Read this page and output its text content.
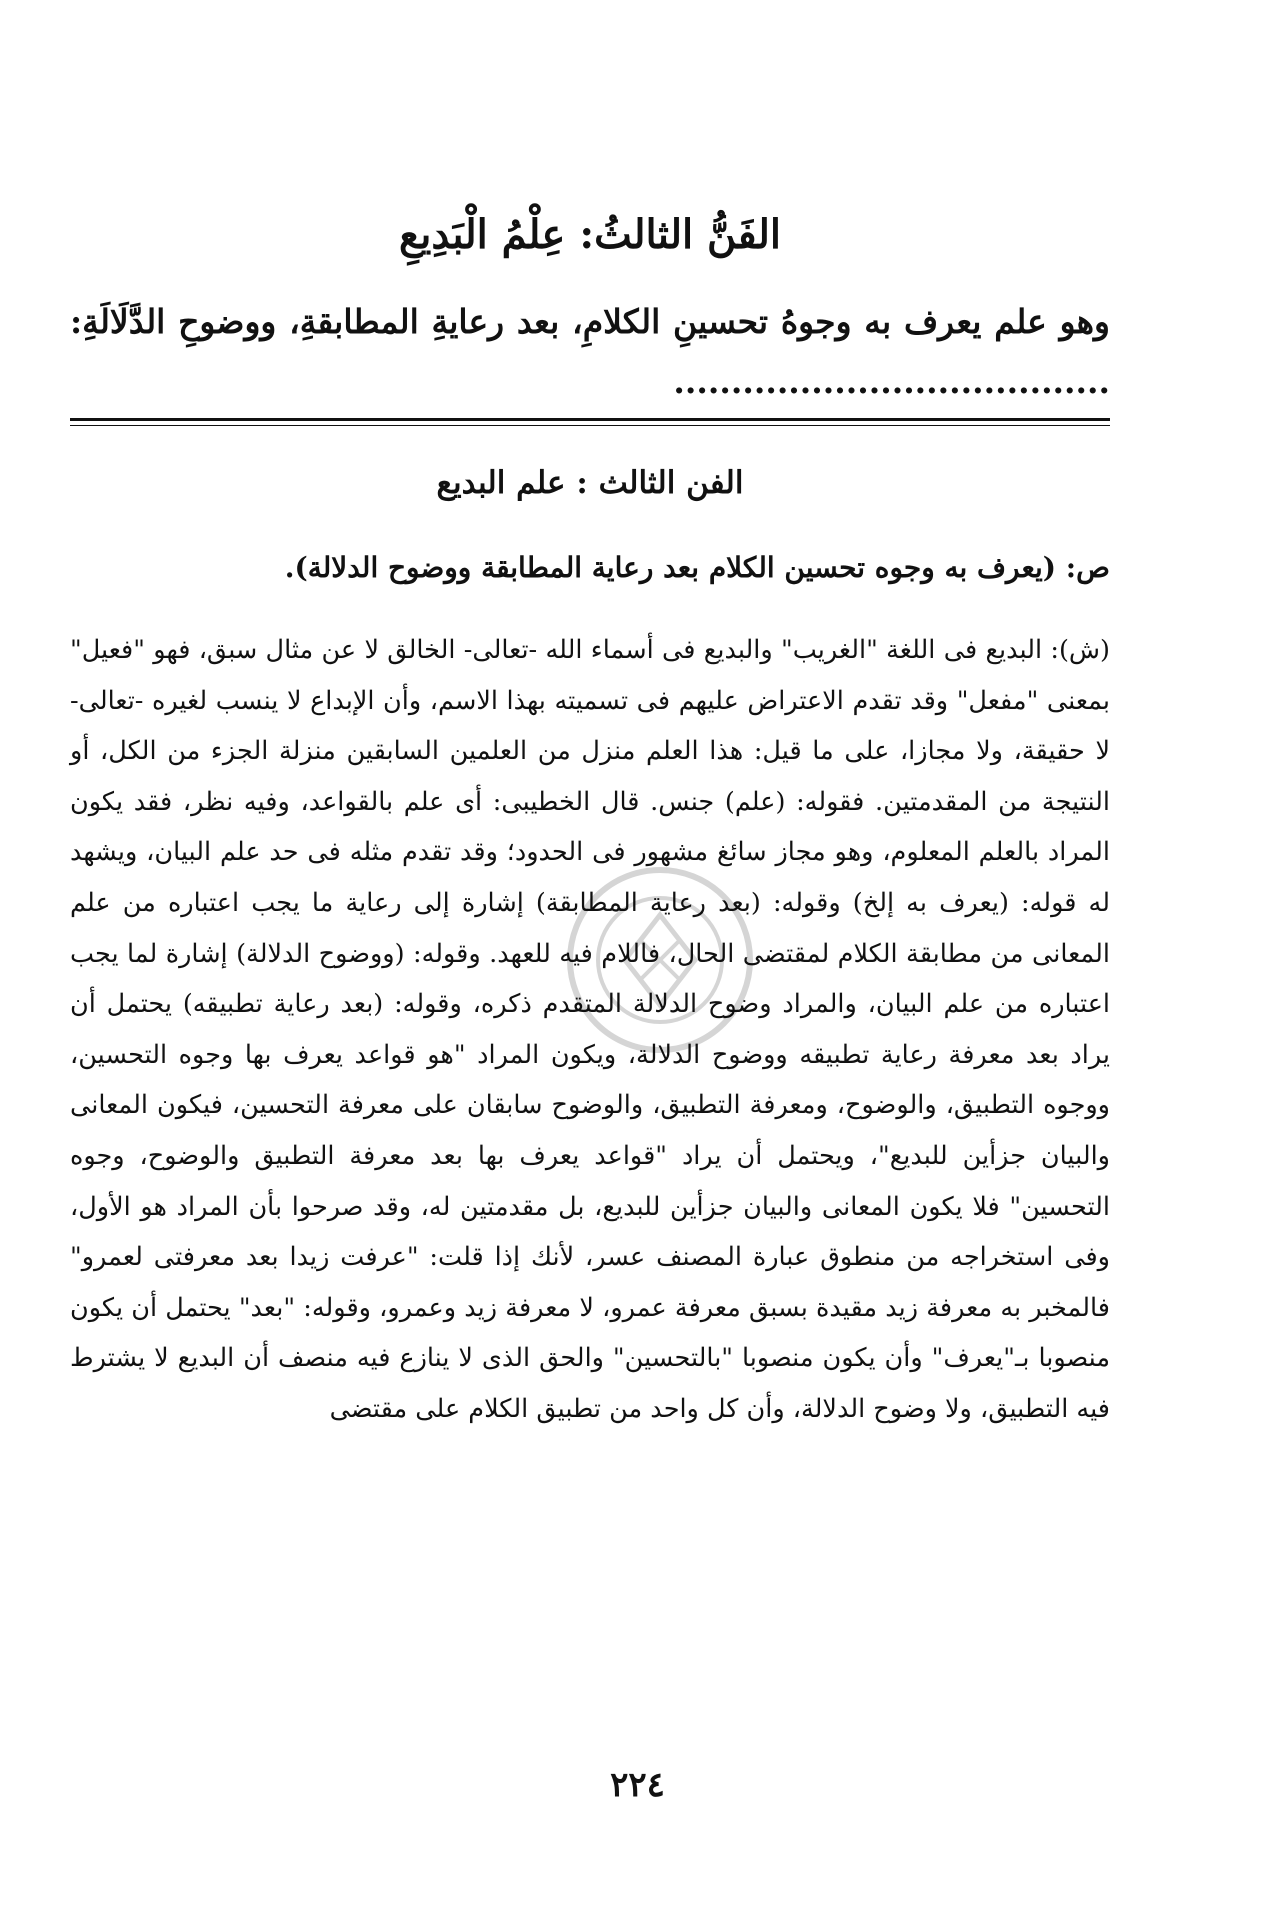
الفَنُّ الثالثُ: عِلْمُ الْبَدِيعِ
وهو علم يعرف به وجوهُ تحسينِ الكلامِ، بعد رعايةِ المطابقةِ، ووضوحِ الدَّلَالَةِ: ......................................
الفن الثالث : علم البديع
ص: (يعرف به وجوه تحسين الكلام بعد رعاية المطابقة ووضوح الدلالة).
(ش): البديع فى اللغة "الغريب" والبديع فى أسماء الله -تعالى- الخالق لا عن مثال سبق، فهو "فعيل" بمعنى "مفعل" وقد تقدم الاعتراض عليهم فى تسميته بهذا الاسم، وأن الإبداع لا ينسب لغيره -تعالى- لا حقيقة، ولا مجازا، على ما قيل: هذا العلم منزل من العلمين السابقين منزلة الجزء من الكل، أو النتيجة من المقدمتين. فقوله: (علم) جنس. قال الخطيبى: أى علم بالقواعد، وفيه نظر، فقد يكون المراد بالعلم المعلوم، وهو مجاز سائغ مشهور فى الحدود؛ وقد تقدم مثله فى حد علم البيان، ويشهد له قوله: (يعرف به إلخ) وقوله: (بعد رعاية المطابقة) إشارة إلى رعاية ما يجب اعتباره من علم المعانى من مطابقة الكلام لمقتضى الحال، فاللام فيه للعهد. وقوله: (ووضوح الدلالة) إشارة لما يجب اعتباره من علم البيان، والمراد وضوح الدلالة المتقدم ذكره، وقوله: (بعد رعاية تطبيقه) يحتمل أن يراد بعد معرفة رعاية تطبيقه ووضوح الدلالة، ويكون المراد "هو قواعد يعرف بها وجوه التحسين، ووجوه التطبيق، والوضوح، ومعرفة التطبيق، والوضوح سابقان على معرفة التحسين، فيكون المعانى والبيان جزأين للبديع"، ويحتمل أن يراد "قواعد يعرف بها بعد معرفة التطبيق والوضوح، وجوه التحسين" فلا يكون المعانى والبيان جزأين للبديع، بل مقدمتين له، وقد صرحوا بأن المراد هو الأول، وفى استخراجه من منطوق عبارة المصنف عسر، لأنك إذا قلت: "عرفت زيدا بعد معرفتى لعمرو" فالمخبر به معرفة زيد مقيدة بسبق معرفة عمرو، لا معرفة زيد وعمرو، وقوله: "بعد" يحتمل أن يكون منصوبا بـ"يعرف" وأن يكون منصوبا "بالتحسين" والحق الذى لا ينازع فيه منصف أن البديع لا يشترط فيه التطبيق، ولا وضوح الدلالة، وأن كل واحد من تطبيق الكلام على مقتضى
٢٢٤
